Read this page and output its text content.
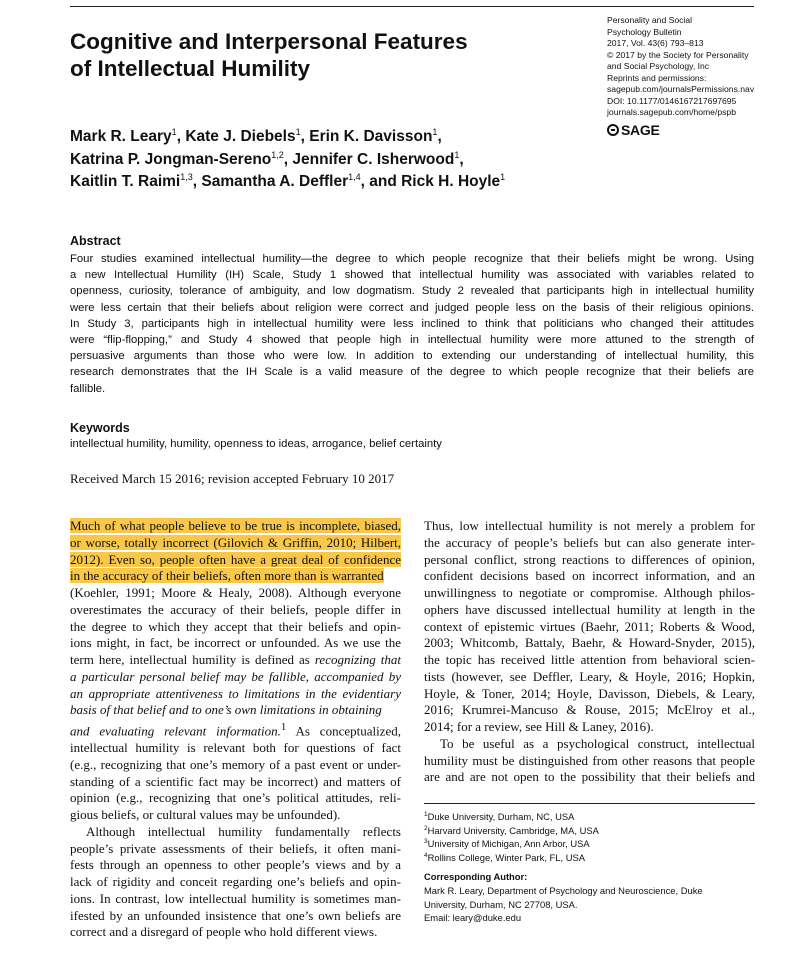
Cognitive and Interpersonal Features
of Intellectual Humility
Personality and Social
Psychology Bulletin
2017, Vol. 43(6) 793–813
© 2017 by the Society for Personality
and Social Psychology, Inc
Reprints and permissions:
sagepub.com/journalsPermissions.nav
DOI: 10.1177/0146167217697695
journals.sagepub.com/home/pspb
SAGE
Mark R. Leary$^1$, Kate J. Diebels$^1$, Erin K. Davisson$^1$,
Katrina P. Jongman-Sereno$^{1,2}$, Jennifer C. Isherwood$^1$,
Kaitlin T. Raimi$^{1,3}$, Samantha A. Deffler$^{1,4}$, and Rick H. Hoyle$^1$
Abstract
Four studies examined intellectual humility—the degree to which people recognize that their beliefs might be wrong. Using
a new Intellectual Humility (IH) Scale, Study 1 showed that intellectual humility was associated with variables related to
openness, curiosity, tolerance of ambiguity, and low dogmatism. Study 2 revealed that participants high in intellectual humility
were less certain that their beliefs about religion were correct and judged people less on the basis of their religious opinions.
In Study 3, participants high in intellectual humility were less inclined to think that politicians who changed their attitudes
were “flip-flopping,” and Study 4 showed that people high in intellectual humility were more attuned to the strength of
persuasive arguments than those who were low. In addition to extending our understanding of intellectual humility, this
research demonstrates that the IH Scale is a valid measure of the degree to which people recognize that their beliefs are
fallible.
Keywords
intellectual humility, humility, openness to ideas, arrogance, belief certainty
Received March 15 2016; revision accepted February 10 2017
Much of what people believe to be true is incomplete, biased,
or worse, totally incorrect (Gilovich & Griffin, 2010; Hilbert,
2012). Even so, people often have a great deal of confidence
in the accuracy of their beliefs, often more than is warranted
(Koehler, 1991; Moore & Healy, 2008). Although everyone
overestimates the accuracy of their beliefs, people differ in
the degree to which they accept that their beliefs and opin-
ions might, in fact, be incorrect or unfounded. As we use the
term here, intellectual humility is defined as recognizing that
a particular personal belief may be fallible, accompanied by
an appropriate attentiveness to limitations in the evidentiary
basis of that belief and to one’s own limitations in obtaining
and evaluating relevant information.$^1$ As conceptualized,
intellectual humility is relevant both for questions of fact
(e.g., recognizing that one’s memory of a past event or under-
standing of a scientific fact may be incorrect) and matters of
opinion (e.g., recognizing that one’s political attitudes, reli-
gious beliefs, or cultural values may be unfounded).
Although intellectual humility fundamentally reflects
people’s private assessments of their beliefs, it often mani-
fests through an openness to other people’s views and by a
lack of rigidity and conceit regarding one’s beliefs and opin-
ions. In contrast, low intellectual humility is sometimes man-
ifested by an unfounded insistence that one’s own beliefs are
correct and a disregard of people who hold different views.
Thus, low intellectual humility is not merely a problem for
the accuracy of people’s beliefs but can also generate inter-
personal conflict, strong reactions to differences of opinion,
confident decisions based on incorrect information, and an
unwillingness to negotiate or compromise. Although philos-
ophers have discussed intellectual humility at length in the
context of epistemic virtues (Baehr, 2011; Roberts & Wood,
2003; Whitcomb, Battaly, Baehr, & Howard-Snyder, 2015),
the topic has received little attention from behavioral scien-
tists (however, see Deffler, Leary, & Hoyle, 2016; Hopkin,
Hoyle, & Toner, 2014; Hoyle, Davisson, Diebels, & Leary,
2016; Krumrei-Mancuso & Rouse, 2015; McElroy et al.,
2014; for a review, see Hill & Laney, 2016).
To be useful as a psychological construct, intellectual
humility must be distinguished from other reasons that people
are and are not open to the possibility that their beliefs and
$^1$Duke University, Durham, NC, USA
$^2$Harvard University, Cambridge, MA, USA
$^3$University of Michigan, Ann Arbor, USA
$^4$Rollins College, Winter Park, FL, USA
Corresponding Author:
Mark R. Leary, Department of Psychology and Neuroscience, Duke
University, Durham, NC 27708, USA.
Email: leary@duke.edu
